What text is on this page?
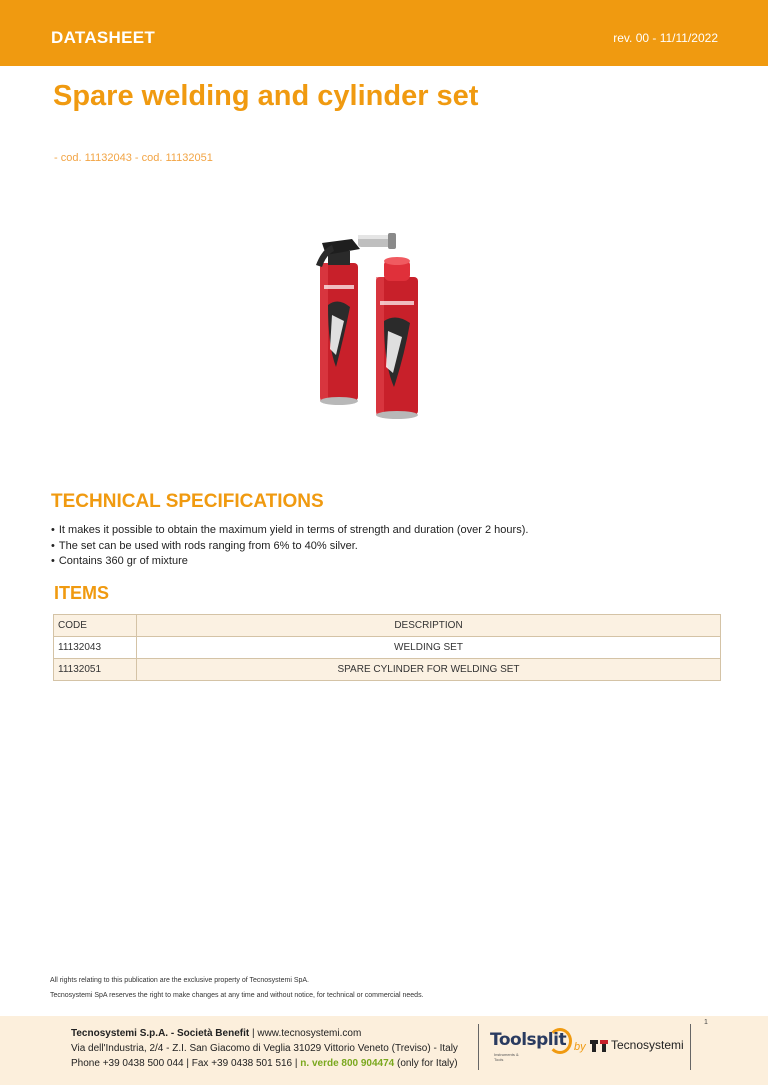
DATASHEET	rev. 00 - 11/11/2022
Spare welding and cylinder set
- cod. 11132043 - cod. 11132051
TECHNICAL SPECIFICATIONS
• It makes it possible to obtain the maximum yield in terms of strength and duration (over 2 hours).
• The set can be used with rods ranging from 6% to 40% silver.
• Contains 360 gr of mixture
ITEMS
CODE	DESCRIPTION
11132043	WELDING SET
11132051	SPARE CYLINDER FOR WELDING SET
All rights relating to this publication are the exclusive property of Tecnosystemi SpA.
Tecnosystemi SpA reserves the right to make changes at any time and without notice, for technical or commercial needs.
1
Tecnosystemi S.p.A. - Società Benefit | www.tecnosystemi.com
Via dell'Industria, 2/4 - Z.I. San Giacomo di Veglia 31029 Vittorio Veneto (Treviso) - Italy
Phone +39 0438 500 044 | Fax +39 0438 501 516 | n. verde 800 904474 (only for Italy)
Toolsplit
Instruments &
Tools
by Tecnosystemi
